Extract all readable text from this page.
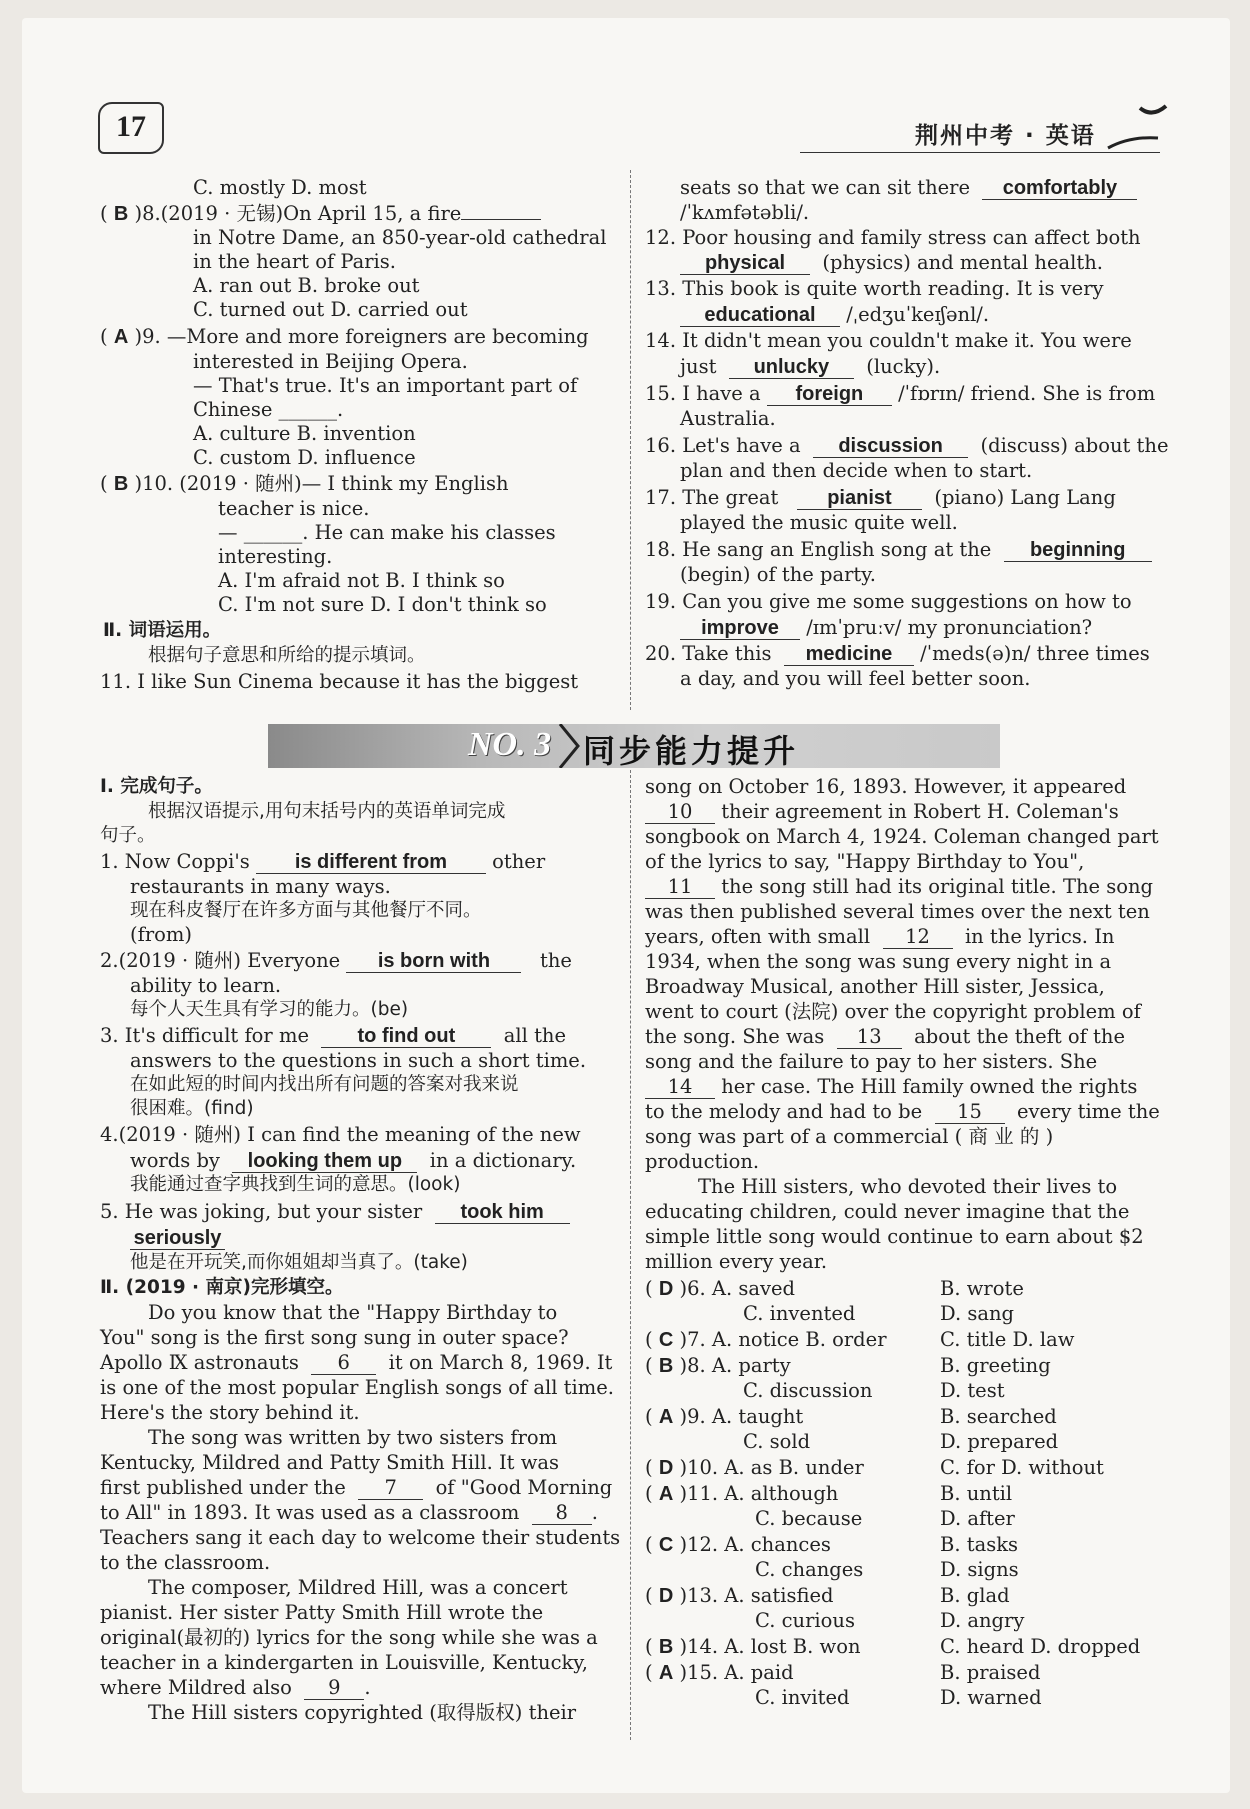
17	荆州中考 · 英语
C. mostly D. most
( B )8.(2019 · 无锡)On April 15, a fire
in Notre Dame, an 850-year-old cathedral
in the heart of Paris.
A. ran out B. broke out
C. turned out D. carried out
( A )9. —More and more foreigners are becoming
interested in Beijing Opera.
— That's true. It's an important part of
Chinese ______.
A. culture B. invention
C. custom D. influence
( B )10. (2019 · 随州)— I think my English
teacher is nice.
— ______. He can make his classes
interesting.
A. I'm afraid not B. I think so
C. I'm not sure D. I don't think so
Ⅱ. 词语运用。
根据句子意思和所给的提示填词。
11. I like Sun Cinema because it has the biggest
seats so that we can sit there comfortably
/ˈkʌmfətəbli/.
12. Poor housing and family stress can affect both
physical (physics) and mental health.
13. This book is quite worth reading. It is very
educational /ˌedʒuˈkeɪʃənl/.
14. It didn't mean you couldn't make it. You were
just unlucky (lucky).
15. I have a foreign /ˈfɒrɪn/ friend. She is from
Australia.
16. Let's have a discussion (discuss) about the
plan and then decide when to start.
17. The great pianist (piano) Lang Lang
played the music quite well.
18. He sang an English song at the beginning
(begin) of the party.
19. Can you give me some suggestions on how to
improve /ɪmˈpruːv/ my pronunciation?
20. Take this medicine /ˈmeds(ə)n/ three times
a day, and you will feel better soon.
NO. 3 同步能力提升
Ⅰ. 完成句子。
根据汉语提示,用句末括号内的英语单词完成
句子。
1. Now Coppi's is different from other
restaurants in many ways.
现在科皮餐厅在许多方面与其他餐厅不同。
(from)
2.(2019 · 随州) Everyone is born with	the
ability to learn.
每个人天生具有学习的能力。(be)
3. It's difficult for me to find out all the
answers to the questions in such a short time.
在如此短的时间内找出所有问题的答案对我来说
很困难。(find)
4.(2019 · 随州) I can find the meaning of the new
words by looking them up in a dictionary.
我能通过查字典找到生词的意思。(look)
5. He was joking, but your sister took him
seriously
他是在开玩笑,而你姐姐却当真了。(take)
Ⅱ. (2019 · 南京)完形填空。
Do you know that the "Happy Birthday to
You" song is the first song sung in outer space?
Apollo Ⅸ astronauts 6 it on March 8, 1969. It
is one of the most popular English songs of all time.
Here's the story behind it.
The song was written by two sisters from
Kentucky, Mildred and Patty Smith Hill. It was
first published under the 7 of "Good Morning
to All" in 1893. It was used as a classroom 8 .
Teachers sang it each day to welcome their students
to the classroom.
The composer, Mildred Hill, was a concert
pianist. Her sister Patty Smith Hill wrote the
original(最初的) lyrics for the song while she was a
teacher in a kindergarten in Louisville, Kentucky,
where Mildred also 9 .
The Hill sisters copyrighted (取得版权) their
song on October 16, 1893. However, it appeared
10 their agreement in Robert H. Coleman's
songbook on March 4, 1924. Coleman changed part
of the lyrics to say, "Happy Birthday to You",
11 the song still had its original title. The song
was then published several times over the next ten
years, often with small 12 in the lyrics. In
1934, when the song was sung every night in a
Broadway Musical, another Hill sister, Jessica,
went to court (法院) over the copyright problem of
the song. She was 13 about the theft of the
song and the failure to pay to her sisters. She
14 her case. The Hill family owned the rights
to the melody and had to be 15 every time the
song was part of a commercial ( 商 业 的 )
production.
The Hill sisters, who devoted their lives to
educating children, could never imagine that the
simple little song would continue to earn about $2
million every year.
( D )6. A. saved	B. wrote
C. invented	D. sang
( C )7. A. notice B. order	C. title D. law
( B )8. A. party	B. greeting
C. discussion	D. test
( A )9. A. taught	B. searched
C. sold	D. prepared
( D )10. A. as B. under	C. for D. without
( A )11. A. although	B. until
C. because	D. after
( C )12. A. chances	B. tasks
C. changes	D. signs
( D )13. A. satisfied	B. glad
C. curious	D. angry
( B )14. A. lost B. won	C. heard D. dropped
( A )15. A. paid	B. praised
C. invited	D. warned
